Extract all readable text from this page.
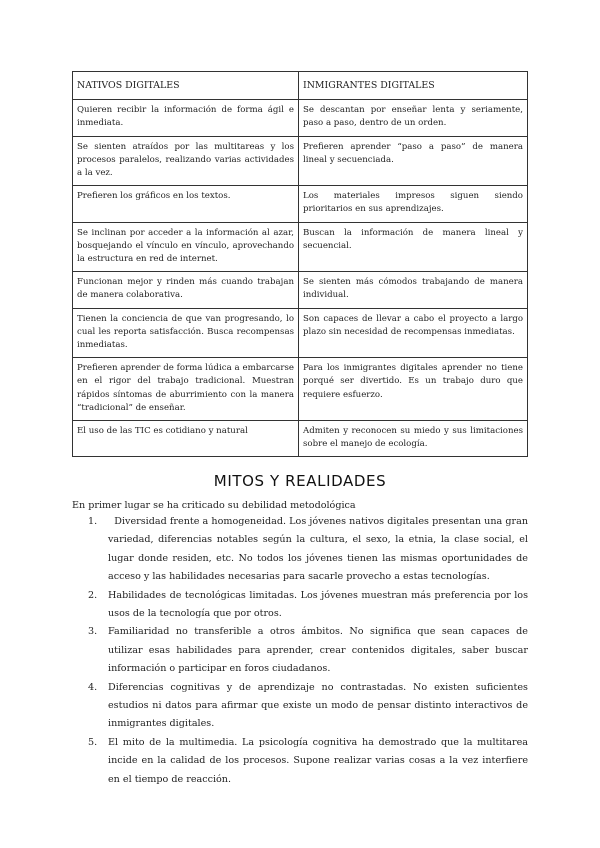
NATIVOS DIGITALES	INMIGRANTES DIGITALES
Quieren recibir la información de forma ágil e inmediata.	Se descantan por enseñar lenta y seriamente, paso a paso, dentro de un orden.
Se sienten atraídos por las multitareas y los procesos paralelos, realizando varias actividades a la vez.	Prefieren aprender “paso a paso” de manera lineal y secuenciada.
Prefieren los gráficos en los textos.	Los materiales impresos siguen siendo prioritarios en sus aprendizajes.
Se inclinan por acceder a la información al azar, bosquejando el vínculo en vínculo, aprovechando la estructura en red de internet.	Buscan la información de manera lineal y secuencial.
Funcionan mejor y rinden más cuando trabajan de manera colaborativa.	Se sienten más cómodos trabajando de manera individual.
Tienen la conciencia de que van progresando, lo cual les reporta satisfacción. Busca recompensas inmediatas.	Son capaces de llevar a cabo el proyecto a largo plazo sin necesidad de recompensas inmediatas.
Prefieren aprender de forma lúdica a embarcarse en el rigor del trabajo tradicional. Muestran rápidos síntomas de aburrimiento con la manera “tradicional” de enseñar.	Para los inmigrantes digitales aprender no tiene porqué ser divertido. Es un trabajo duro que requiere esfuerzo.
El uso de las TIC es cotidiano y natural	Admiten y reconocen su miedo y sus limitaciones sobre el manejo de ecología.
MITOS Y REALIDADES

En primer lugar se ha criticado su debilidad metodológica

1. Diversidad frente a homogeneidad. Los jóvenes nativos digitales presentan una gran variedad, diferencias notables según la cultura, el sexo, la etnia, la clase social, el lugar donde residen, etc. No todos los jóvenes tienen las mismas oportunidades de acceso y las habilidades necesarias para sacarle provecho a estas tecnologías.
2. Habilidades de tecnológicas limitadas. Los jóvenes muestran más preferencia por los usos de la tecnología que por otros.
3. Familiaridad no transferible a otros ámbitos. No significa que sean capaces de utilizar esas habilidades para aprender, crear contenidos digitales, saber buscar información o participar en foros ciudadanos.
4. Diferencias cognitivas y de aprendizaje no contrastadas. No existen suficientes estudios ni datos para afirmar que existe un modo de pensar distinto interactivos de inmigrantes digitales.
5. El mito de la multimedia. La psicología cognitiva ha demostrado que la multitarea incide en la calidad de los procesos. Supone realizar varias cosas a la vez interfiere en el tiempo de reacción.
